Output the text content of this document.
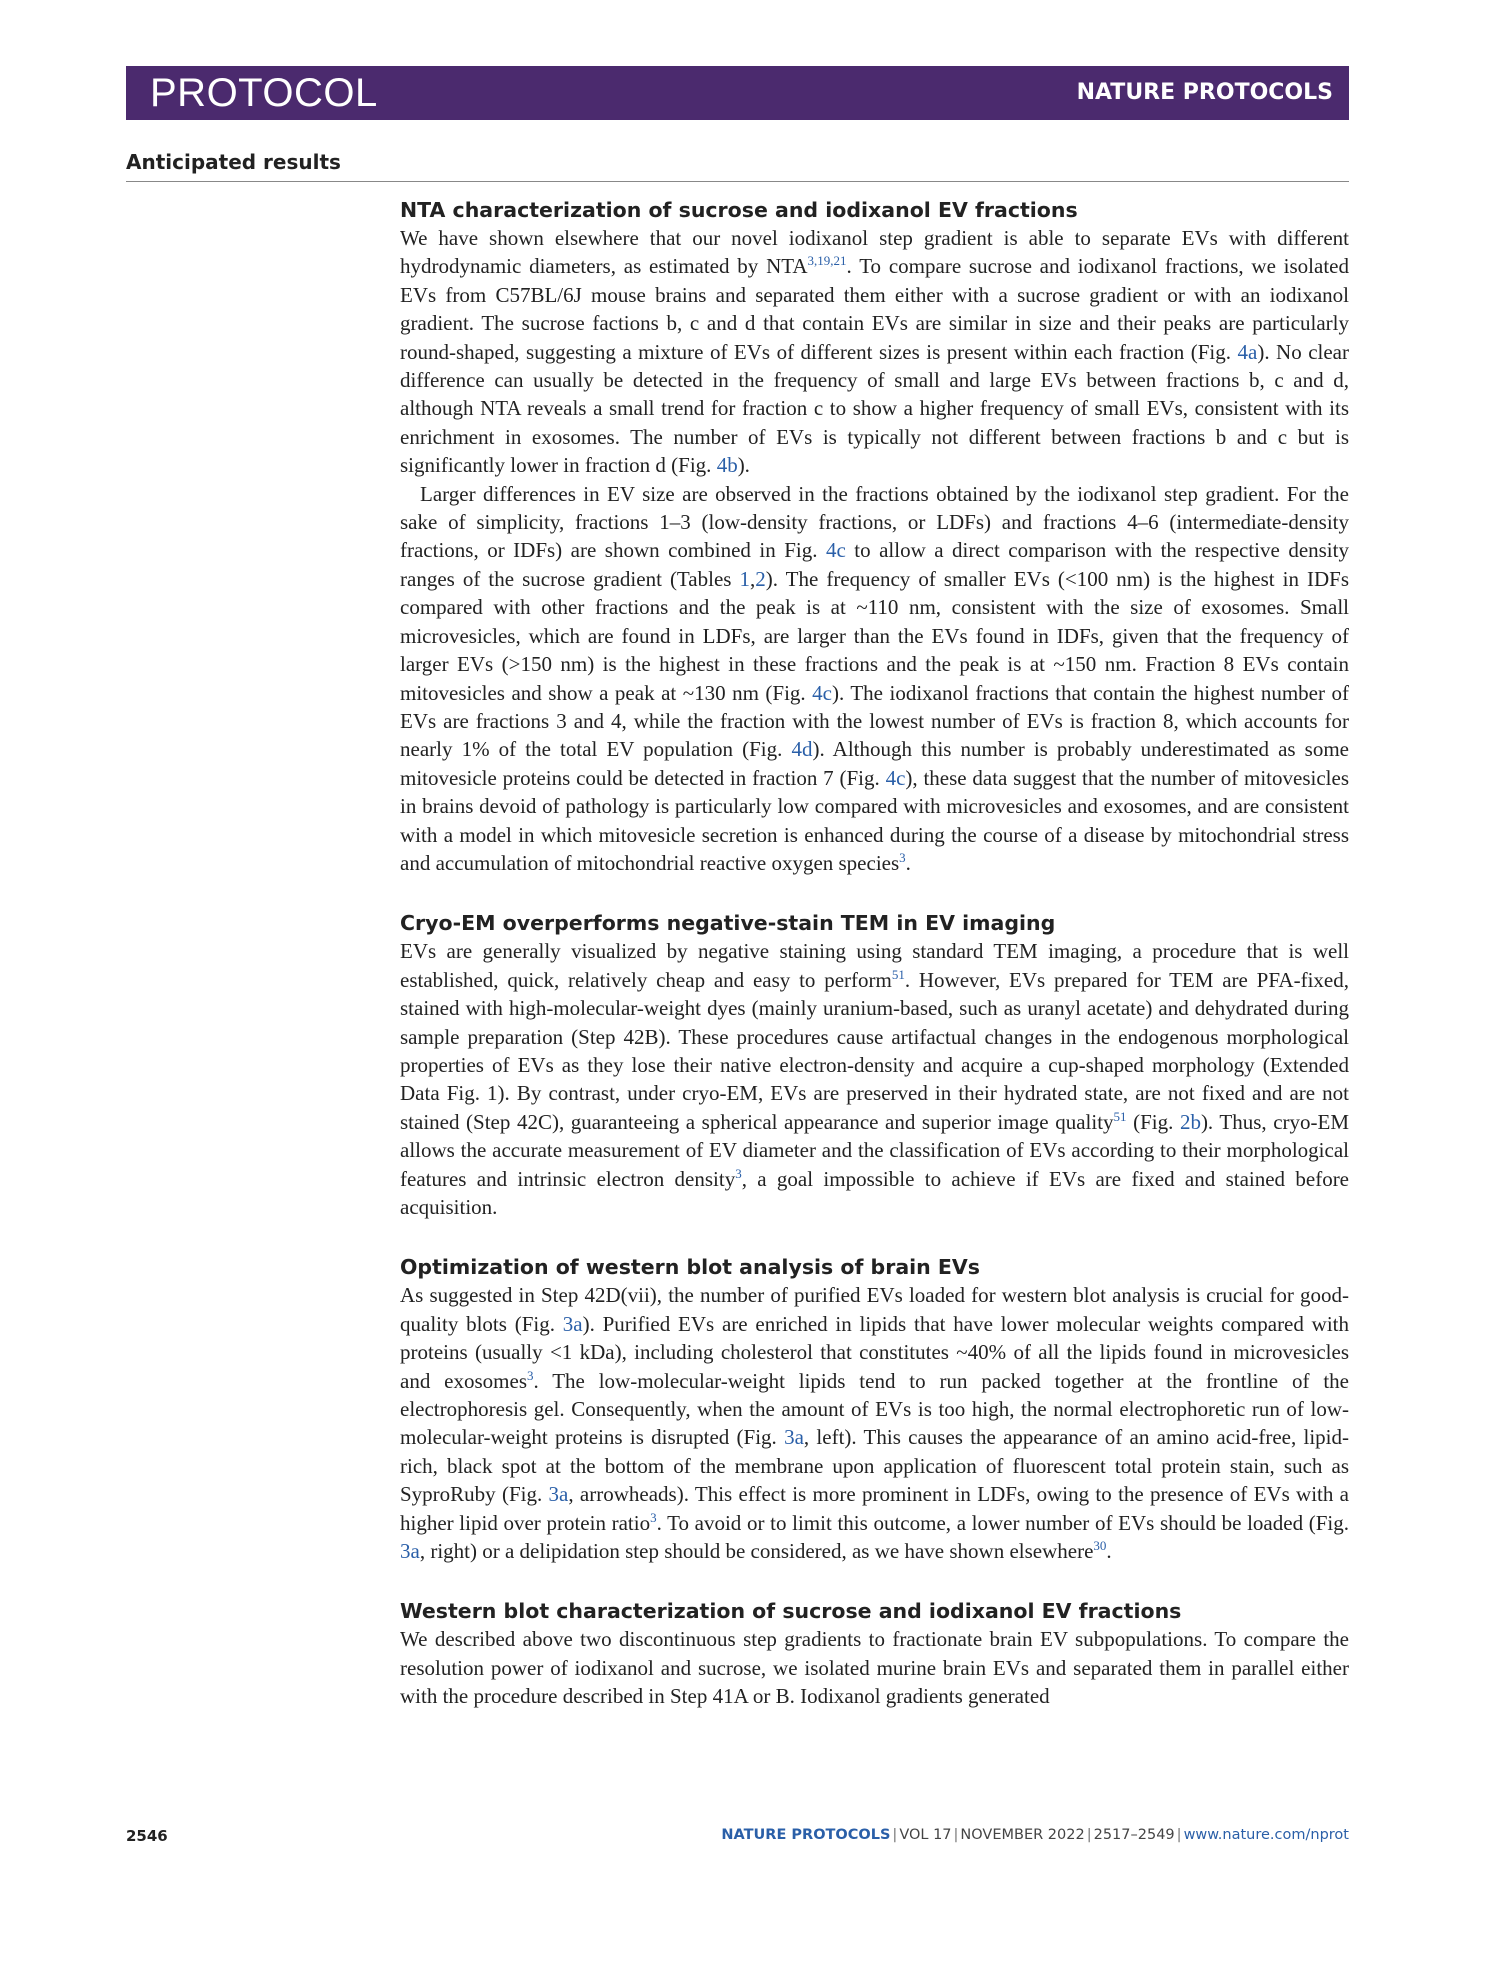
PROTOCOL	NATURE PROTOCOLS
Anticipated results
NTA characterization of sucrose and iodixanol EV fractions

We have shown elsewhere that our novel iodixanol step gradient is able to separate EVs with different hydrodynamic diameters, as estimated by NTA$^{3,19,21}$. To compare sucrose and iodixanol fractions, we isolated EVs from C57BL/6J mouse brains and separated them either with a sucrose gradient or with an iodixanol gradient. The sucrose factions b, c and d that contain EVs are similar in size and their peaks are particularly round-shaped, suggesting a mixture of EVs of different sizes is present within each fraction (Fig. 4a). No clear difference can usually be detected in the frequency of small and large EVs between fractions b, c and d, although NTA reveals a small trend for fraction c to show a higher frequency of small EVs, consistent with its enrichment in exosomes. The number of EVs is typically not different between fractions b and c but is significantly lower in fraction d (Fig. 4b).

Larger differences in EV size are observed in the fractions obtained by the iodixanol step gradient. For the sake of simplicity, fractions 1–3 (low-density fractions, or LDFs) and fractions 4–6 (intermediate-density fractions, or IDFs) are shown combined in Fig. 4c to allow a direct comparison with the respective density ranges of the sucrose gradient (Tables 1,2). The frequency of smaller EVs (<100 nm) is the highest in IDFs compared with other fractions and the peak is at ~110 nm, consistent with the size of exosomes. Small microvesicles, which are found in LDFs, are larger than the EVs found in IDFs, given that the frequency of larger EVs (>150 nm) is the highest in these fractions and the peak is at ~150 nm. Fraction 8 EVs contain mitovesicles and show a peak at ~130 nm (Fig. 4c). The iodixanol fractions that contain the highest number of EVs are fractions 3 and 4, while the fraction with the lowest number of EVs is fraction 8, which accounts for nearly 1% of the total EV population (Fig. 4d). Although this number is probably underestimated as some mitovesicle proteins could be detected in fraction 7 (Fig. 4c), these data suggest that the number of mitovesicles in brains devoid of pathology is particularly low compared with microvesicles and exosomes, and are consistent with a model in which mitovesicle secretion is enhanced during the course of a disease by mitochondrial stress and accumulation of mitochondrial reactive oxygen species$^3$.

Cryo-EM overperforms negative-stain TEM in EV imaging

EVs are generally visualized by negative staining using standard TEM imaging, a procedure that is well established, quick, relatively cheap and easy to perform$^{51}$. However, EVs prepared for TEM are PFA-fixed, stained with high-molecular-weight dyes (mainly uranium-based, such as uranyl acetate) and dehydrated during sample preparation (Step 42B). These procedures cause artifactual changes in the endogenous morphological properties of EVs as they lose their native electron-density and acquire a cup-shaped morphology (Extended Data Fig. 1). By contrast, under cryo-EM, EVs are preserved in their hydrated state, are not fixed and are not stained (Step 42C), guaranteeing a spherical appearance and superior image quality$^{51}$ (Fig. 2b). Thus, cryo-EM allows the accurate measurement of EV diameter and the classification of EVs according to their morphological features and intrinsic electron density$^3$, a goal impossible to achieve if EVs are fixed and stained before acquisition.

Optimization of western blot analysis of brain EVs

As suggested in Step 42D(vii), the number of purified EVs loaded for western blot analysis is crucial for good-quality blots (Fig. 3a). Purified EVs are enriched in lipids that have lower molecular weights compared with proteins (usually <1 kDa), including cholesterol that constitutes ~40% of all the lipids found in microvesicles and exosomes$^3$. The low-molecular-weight lipids tend to run packed together at the frontline of the electrophoresis gel. Consequently, when the amount of EVs is too high, the normal electrophoretic run of low-molecular-weight proteins is disrupted (Fig. 3a, left). This causes the appearance of an amino acid-free, lipid-rich, black spot at the bottom of the membrane upon application of fluorescent total protein stain, such as SyproRuby (Fig. 3a, arrowheads). This effect is more prominent in LDFs, owing to the presence of EVs with a higher lipid over protein ratio$^3$. To avoid or to limit this outcome, a lower number of EVs should be loaded (Fig. 3a, right) or a delipidation step should be considered, as we have shown elsewhere$^{30}$.

Western blot characterization of sucrose and iodixanol EV fractions

We described above two discontinuous step gradients to fractionate brain EV subpopulations. To compare the resolution power of iodixanol and sucrose, we isolated murine brain EVs and separated them in parallel either with the procedure described in Step 41A or B. Iodixanol gradients generated

2546	NATURE PROTOCOLS | VOL 17 | NOVEMBER 2022 | 2517–2549 | www.nature.com/nprot
